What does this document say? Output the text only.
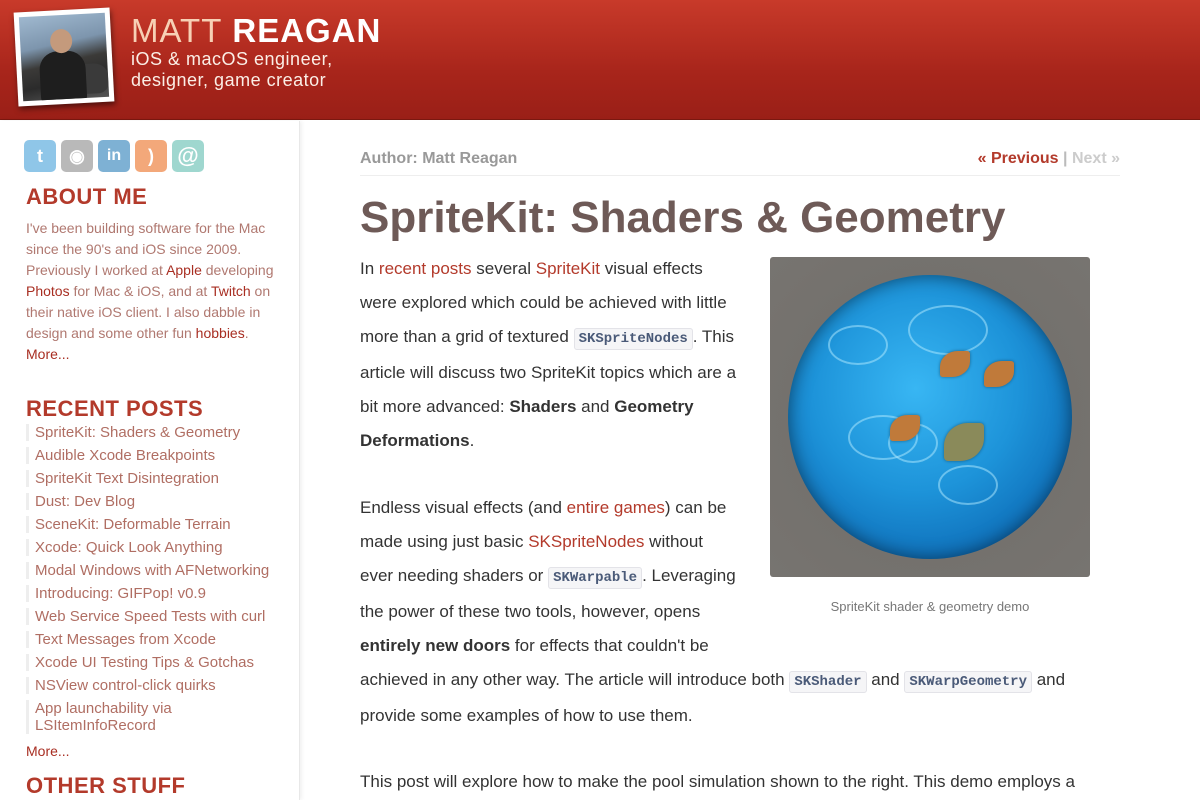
MATT REAGAN
iOS & macOS engineer,
designer, game creator
t	◉	in	)	@
ABOUT ME
I've been building software for the Mac since the 90's and iOS since 2009. Previously I worked at Apple developing Photos for Mac & iOS, and at Twitch on their native iOS client. I also dabble in design and some other fun hobbies.
More...
RECENT POSTS
SpriteKit: Shaders & Geometry
Audible Xcode Breakpoints
SpriteKit Text Disintegration
Dust: Dev Blog
SceneKit: Deformable Terrain
Xcode: Quick Look Anything
Modal Windows with AFNetworking
Introducing: GIFPop! v0.9
Web Service Speed Tests with curl
Text Messages from Xcode
Xcode UI Testing Tips & Gotchas
NSView control-click quirks
App launchability via LSItemInfoRecord
More...
OTHER STUFF
Author: Matt Reagan	« Previous | Next »
SpriteKit: Shaders & Geometry
In recent posts several SpriteKit visual effects
were explored which could be achieved with little
more than a grid of textured SKSpriteNodes . This
article will discuss two SpriteKit topics which are a
bit more advanced: Shaders and Geometry
Deformations.
Endless visual effects (and entire games) can be
made using just basic SKSpriteNodes without
ever needing shaders or SKWarpable . Leveraging
the power of these two tools, however, opens
entirely new doors for effects that couldn't be
achieved in any other way. The article will introduce both SKShader and SKWarpGeometry and
provide some examples of how to use them.
This post will explore how to make the pool simulation shown to the right. This demo employs a
SpriteKit shader & geometry demo
